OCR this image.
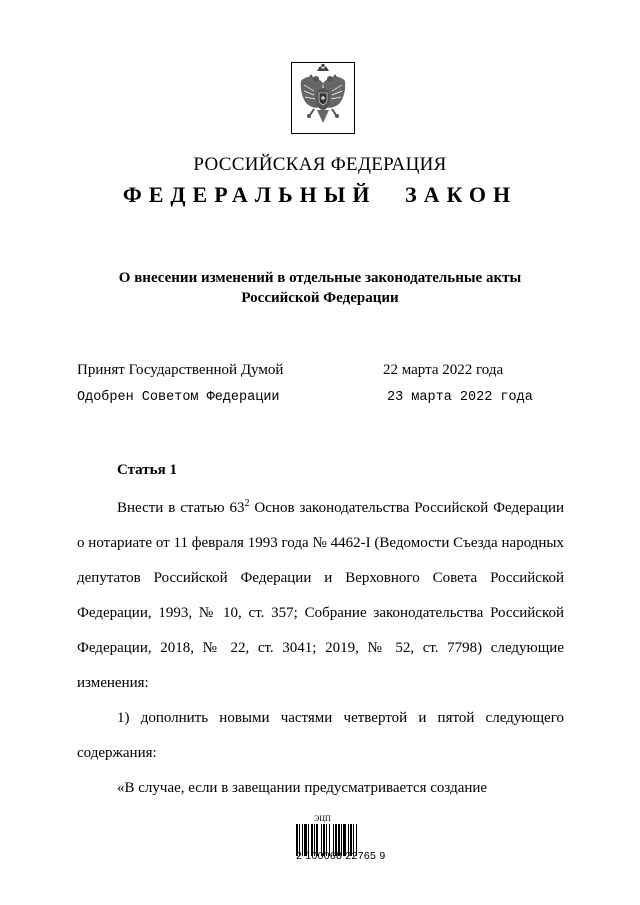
РОССИЙСКАЯ ФЕДЕРАЦИЯ
ФЕДЕРАЛЬНЫЙ ЗАКОН
О внесении изменений в отдельные законодательные акты
Российской Федерации
Принят Государственной Думой	22 марта 2022 года
Одобрен Советом Федерации	23 марта 2022 года
Статья 1

Внести в статью $63^2$ Основ законодательства Российской Федерации о нотариате от 11 февраля 1993 года № 4462-I (Ведомости Съезда народных депутатов Российской Федерации и Верховного Совета Российской Федерации, 1993, № 10, ст. 357; Собрание законодательства Российской Федерации, 2018, № 22, ст. 3041; 2019, № 52, ст. 7798) следующие изменения:

1) дополнить новыми частями четвертой и пятой следующего содержания:

«В случае, если в завещании предусматривается создание

ЭЦП
2 100068 22765 9
